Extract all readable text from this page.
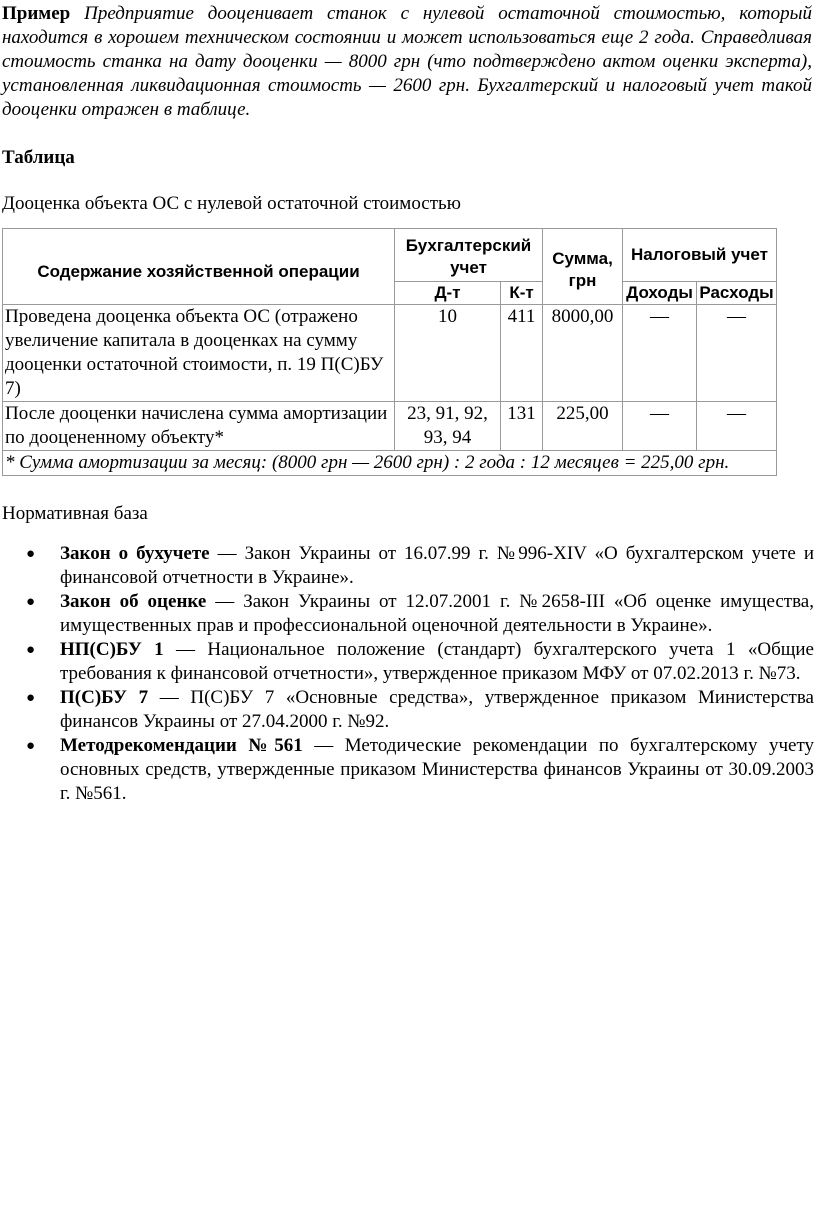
Пример Предприятие дооценивает станок с нулевой остаточной стоимостью, который находится в хорошем техническом состоянии и может использоваться еще 2 года. Справедливая стоимость станка на дату дооценки — 8000 грн (что подтверждено актом оценки эксперта), установленная ликвидационная стоимость — 2600 грн. Бухгалтерский и налоговый учет такой дооценки отражен в таблице.
Таблица
Дооценка объекта ОС с нулевой остаточной стоимостью
Содержание хозяйственной операции	Бухгалтерский учет		Сумма, грн	Налоговый учет	
	Д-т	К-т		Доходы	Расходы
Проведена дооценка объекта ОС (отражено увеличение капитала в дооценках на сумму дооценки остаточной стоимости, п. 19 П(С)БУ 7)	10	411	8000,00	—	—
После дооценки начислена сумма амортизации по дооцененному объекту*	23, 91, 92, 93, 94	131	225,00	—	—
* Сумма амортизации за месяц: (8000 грн — 2600 грн) : 2 года : 12 месяцев = 225,00 грн.					
Нормативная база
● Закон о бухучете — Закон Украины от 16.07.99 г. №996-XIV «О бухгалтерском учете и финансовой отчетности в Украине».
● Закон об оценке — Закон Украины от 12.07.2001 г. №2658-III «Об оценке имущества, имущественных прав и профессиональной оценочной деятельности в Украине».
● НП(С)БУ 1 — Национальное положение (стандарт) бухгалтерского учета 1 «Общие требования к финансовой отчетности», утвержденное приказом МФУ от 07.02.2013 г. №73.
● П(С)БУ 7 — П(С)БУ 7 «Основные средства», утвержденное приказом Министерства финансов Украины от 27.04.2000 г. №92.
● Методрекомендации №561 — Методические рекомендации по бухгалтерскому учету основных средств, утвержденные приказом Министерства финансов Украины от 30.09.2003 г. №561.
